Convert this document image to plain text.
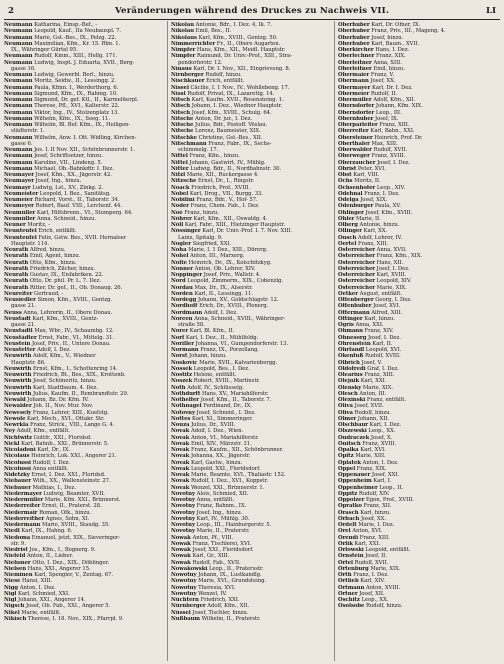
2	Veränderungen während des Druckes zu Nachweis VII.	LI
Neumann Katharina, Einsp.-Bef., -
Neumann Leopold, Kauf., IIa Neubauspl. 7.
Neumann Marie, Gst.-Bes., IX., Pelzg. 22.
Neumann Maximilian, Kfm., Kr. 15. Rlm. 1.
IX., Währinger Gürtel 95.
Neumann Rudolf, Kmm., XIII., Hellg. 171.
Neumann Ludwig, Inspt. J. Eduarta, XVII., Berg-
gasse 16.
Neumann Ludwig, Gewerbl. Berl., hinzu.
Neumann Moritz, Seidw., II., Lessingg. 2.
Neumann Paula, Kfmn. I., Werderthorg. 6.
Neumann Sigmund, Kfm., IX., Rahmg. 10.
Neumann Sigmund, Dr. gef. Ktl., II., Karmeliterpl.
Neumann Therese, Pfl., XVI., Kalterstr. 22.
Neumann Viktor, Ing., IV., Stolzenplatz 13.
Neumann Wilhelm, Kfm., IX., Seeg. 11.
Neumann Wilhelm, Bl. Bef. Kfm., IX., Heiligen-
städterstr. 1.
Neumann Wilhelm, Anw. I. Ott. Widling, Kirchen-
gasse 6.
Neumann Jos. I. II Nov. XII., Schönbrunnerstr. 1.
Neumann Josef, Schriftsetzer, hinzu.
Neumann Karoline, VII., Lindeng. 5.
Neumann Michael, Ob.-Bahnkdtr. I. Dez.
Neumayer Josef, Kfm., XX., Jägerstr. 42.
Neumayer Josef, Ing., hinzu.
Neumayr Ludwig, Lst., XV., Zinkg. 2.
Neumeister Leopold, I. Bez., Sanitätsg.
Neumeier Richard, Vorst., II., Taborstr. 34.
Neumeyer Robert, Bauf. VIII., Lerchenf. 44.
Neumüller Karl, Hilfsbrenn., VI., Stumperg. 64.
Neumüller Anna, Schneid., hinzu.
Neuner Moritz, -
Neunteufel Erich, entfällt.
Neunteufel Felix, Gstw. Bes., XVII. Hernalser
Hauptstr. 114.
Neurath Alfred, hinzu.
Neurath Emil, Agent, hinzu.
Neurath Otto, Kfm., hinzu.
Neurath Friedrich, Zilcher, hinzu.
Neurath Gustav, IX., Eisfabriken. 22.
Neurath Otto, Dr. phil. Pr. L. 7. Dez.
Neurath Ritter, Dr. gef., II., Ob. Donaug. 26.
Neureiter Gertraud, -
Neusiedler Simon, Kfm., XVIII., Gentzg.
gasse 21.
Neuss Anna, Lehrerin, II., Obere Donau.
Neustadt Karl, Kfm., XVIII., Gentz-
gasse 21.
Neustadtl Max, Wbr., IV., Schaumbg. 12.
Neustädter Ernst, Fabr., VI., Mittelg. 31.
Neustein Josef, Priv., II., Untere Donau.
Neustetter Adolf, I. Dez.
Neuwirth Adolf, Kfm., V., Wiedner
Hauptstr. 86.
Neuwirth Ernst, Kfm., I., Schottenring 14.
Neuwirth Friedrich, Bt., Bes., XIX., Krottenb.
Neuwirth Josef, Schöneritz, hinzu.
Neuwirth Karl, Stadtbaum. 4. Dez.
Neuwirth Julius, Kaufm. II., Rembrandtstr. 29.
Newald Johann, Bz. Dr. Kfm. IV.
Newalder Joh. II., Nov. Mur. Nov.
Newesely Franz, Lehrer, XIII., Kuefstg.
Newole Karl, Mech., XVI., Ottakr. Str.
Newrkla Franz, Strick., VIII., Lange G. 4.
Ney Adolf, Kfm., entfällt.
Nichtwitz Gottfr., XXI., Floridsd.
Nickl Karl, Bahnb., XXI., Brünnerstr. 5.
Nicoladoni Karl, Dr., IX.
Nicolaus Heinrich, Lok. XXI., Angerer 21.
Nicolussi Rudolf, I. Dez.
Nicolussi Anna entfällt.
Nidetzky Ernst, I. Dez. XXI., Floridsd.
Niebauer Wilh., XX., Wallensteinstr. 27.
Niebauer Mathias, I., Dez.
Niedermayer Ludwig, Beamter, XVII.
Niedermüller Marie, Kfm. XXI., Brünnerst.
Niederreiter Ernst, II., Praterst. 28.
Niedermair Roman, Ofk., hinzu.
Niederreither Agnes, Sohn, XI.
Niedermann Marie, XVIII., Staudg. 35.
Niedl Karl, IX., Hahng. 6.
Niedoma Emanuel, jetzt, XIX., Sieveringer-
str. 9.
Niedrist Jos., Kfm., I., Bognerg. 9.
Niefeld Anton, II., Lieber.
Niehsner Otto, I. Dez., XIX., Döblinger.
Nielsen Hans, XXI., Angerer 15.
Nieminen Karl, Spengler, V., Zentag. 67.
Niese Hansi, XIII.
Nigg Anton, I. Dez.
Nigl Karl, Schmied, XXI.
Nigl Johann, XXI., Angerer 14.
Nigsch Josef, Ob. Fab., XXI., Angerer 5.
Nikel Marie, entfällt.
Nikisch Therese, I. 18. Nov., XIX., Pfarrpl. 9.
Nikolau Antonie, Bdr., I. Dez. 4, Ik. 7.
Nikolau Emil, Bes., II.
Nikolaus Karl, Kfm., XVIII., Gentzg. 50.
Nimmerrichter Fr., II., Obere Augarten.
Nimpfer Hans, Kfm., XII., Meidl. Hauptstr.
Nimpfer Raimund, Dr. Univ.-Prof., XIII., Stra-
pendorferstr. 12.
Ninaus Karl, Dr. I. Nov., XII., Eingrieveng. 8.
Nirnberger Rudolf, hinzu.
Nischkauer Erich, entfällt.
Nissel Cäcilie, I. 1 Nov., IV., Wohllebeng. 17.
Nissl Rudolf, Privat, IX., Lazarettg. 14.
Nitsch Karl, Kaufm. XVII., Rosensteing. 1.
Nitsch Johann, I. Dez., Wiedner Hauptstr.
Nitsch Josef, Kfm., XVIII., Schulg. 64.
Nitsche Anton, Dr. jur., I. Dez.
Nitsche Julius, Bdr., Postoff. Vöslau.
Nitsche Lorenz, Baumeister, XIX.
Nitschke Christine, Gst.-Bes., XII.
Nitschmann Franz, Fabr., IX., Sechs-
schimmelg. 17.
Nittel Franz, Kfm., hinzu.
Nittel Johann, Gastwirt, IV., Mühlg.
Nitter Ludwig, Bdr., II., Nordbahnstr. 30.
Nitzl Marie, XII., Ruckergasse 4.
Nitzsche Ernst, Dr., I., Ringstr.
Noack Friedrich, Prof., XVIII.
Nobel Karl, Drog., VII., Burgg. 33.
Nobilini Franz, Bdr., V., Hof- 57.
Noder Franz, Chem. Fab., I. Dez.
Noé Franz, hinzu.
Nöhrer Karl, Kfm., XII., Oswaldg. 4.
Nöll Karl, Fabr., XIII., Hietzinger Hauptstr.
Nössinger Karl, Dr. Univ.-Prof. I. 7. Nov. XIII.
Lainz, Spitalg. 9.
Nogler Siegfried, XXI.
Noha Marie, I. 1 Dez., XIII., Dürerg.
Nohel Anton, III., Marxerg.
Nolte Heinrich, Dr., IX., Kolschitzkyg.
Nonner Anton, Ob. Lehrer, XIV.
Noppinger Josef, Priv., Wallstr. 4.
Nord Leopold, Zimmerm., XIX., Cobenzlg.
Nordau Max, Dr., IX., Alserstr.
Norden Karl, II., Lessingg. 11.
Nordegg Johann, XV., Goldschlagstr. 12.
Nordhoff Erich, Dr., XVIII., Plenerg.
Nordmann Adolf, I. Dez.
Noreen Anna, Schneid., XVIII., Währinger-
straße 58.
Norer Karl, Bl. Kfm., II.
Norf Karl, I. Dez., II., Mühlfeldg.
Noriller Johanna, VI., Gumpendorferstr. 13.
Normann Franz, IX., Porzellang.
Norst Johann, hinzu.
Noskovic Marie, XVII., Kalvarienbergg.
Nossek Leopold, Bes., I. Dez.
Nostitz Helene, entfällt.
Noszek Robert, XVIII., Martinstr.
Noth Adolf, IV., Schlüsselg.
Nothdurft Hans, XV., Mariahilferstr.
Nothelfer Josef, Kfm., II., Taborstr. 7.
Nothnagel Ferdinand, Dr., IX.
Notovny Josef, Schneid., I. Dez.
Nottes Karl, XI., Simmeringer.
Nouza Julius, Dr., XVIII.
Novak Adolf, I. Dez., Wien.
Novak Anton, VI., Mariahilferstr.
Novak Emil, XIV., Märzstr. 31.
Novak Franz, Kaufm., XII., Schönbrunner.
Novak Johanna, XX., Jägerstr.
Novak Karl, Gastw., hinzu.
Novak Leopold, XXI., Floridsdorf.
Novak Marie, Beamte, XVI., Thaliastr. 152.
Novak Rudolf, I. Dez., XVI., Koppstr.
Novak Wenzel, XXI., Brünnerstr. 1.
Novotny Alois, Schmied, XII.
Novotny Anna, entfällt.
Novotny Franz, Bahnm., IX.
Novotny Josef, Ing., hinzu.
Novotny Karl, IV., Mühlg. 30.
Novotny Leop., III., Hainburgerstr. 5.
Novotny Marie, II., Praterstr.
Nowak Anton, Pf., VIII.
Nowak Franz, Tischlerei, XVI.
Nowak Josef, XXI., Floridsdorf.
Nowak Karl, Gr., XIII.
Nowak Rudolf, Fab., XVII.
Nowakowski Leop., II., Pratersstr.
Nowotny Johann, IX., Lustkandlg.
Nowotny Marie, XVI., Grundsteing.
Nowotny Theresia, XVI.
Nowotny Wenzel, IV.
Nüchtern Friedrich, XXI.
Nürnberger Adolf, Kfm., XII.
Nüssel Josef, Tischler, hinzu.
Nußbaum Wilhelm, II., Praterstr.
Oberhuber Karl, Dr. Ofner, IX.
Oberhuber Franz, Priv., III., Mageng. 4.
Oberhuber Josef, hinzu.
Oberhuber Karl, Baum., XVII.
Oberkircher Hans, I. Dez.
Oberlechner Franz, XIX.
Oberleitner Anna, XIII.
Oberleitner Emil, hinzu.
Obermaier Franz, V.
Obermann Josef, XX.
Obermayer Karl, Dr. I. Dez.
Obermeier Rudolf, II.
Obermüller Adolf, Kfm., XII.
Oberndorfer Johann, Kfm. XIX.
Oberndorfer Leop., III.
Obernhuber Josef, IX.
Oberparleiter Franz, XIII.
Oberreiter Karl, Bahn., XXI.
Obersteiner Heinrich, Prof. Dr.
Oberthaler Max, XIII.
Oberwalder Rudolf, XVII.
Oberweger Franz, XVIII.
Oberzaucher Josef, I. Dez.
Obrist Peter, XVI.
Obst Karl, VIII.
Ochs Moritz, II.
Ochsenhofer Leop., XIV.
Odehnal Franz, I. Dez.
Odelga Josef, XIX.
Ödenburger Paula, XV.
Öhlinger Josef, Kfm., XVIII.
Öhler Marie, II.
Ölberg Antonie, hinzu.
Öllinger Karl, XX.
Önsch Adolf, Lehrer, IV.
Oertel Franz, XIII.
Österreicher Anna, XVII.
Österreicher Franz, Kfm., XIX.
Österreicher Hans, XII.
Österreicher Josef, I. Dez.
Österreicher Karl, XVIII.
Österreicher Leopold, XIV.
Österreicher Marie, XIX.
Oetker August, entfällt.
Offenberger Georg, I. Dez.
Offenhuber Josef, XVI.
Offermann Alfred, XIII.
Oftinger Karl, hinzu.
Ogris Anna, XXI.
Ohmann Franz, XIV.
Ohnesorg Josef, I. Dez.
Ohrenstein Karl, II.
Ohrfandl Leopold, XVI.
Okenfuß Rudolf, XVIII.
Olbrich Josef, V.
Oldofredi Graf, I. Dez.
Olearius Franz, XIII.
Olejnik Karl, XXI.
Olensky Marie, XIX.
Olesch Anton, III.
Olexinski Franz, entfällt.
Oliva Josef, XVII.
Oliva Rudolf, hinzu.
Olmer Johann, XII.
Olschbaur Karl, I. Dez.
Olszewski Leop., XX.
Ondraczek Josef, X.
Onitsch Franz, XVIII.
Opalka Karl, XVI.
Opitz Marie, XIII.
Oplatek Anton, I. Dez.
Oppel Franz, XIX.
Oppenauer Josef, XXI.
Oppenheim Karl, I.
Oppenheimer Leop., II.
Oppitz Rudolf, XIV.
Oppolzer Egon, Prof., XVIII.
Opratko Franz, XII.
Orasch Karl, hinzu.
Orbach Josef, XX.
Ordelt Marie, I. Dez.
Orel Anton, XVI.
Orendi Franz, XIII.
Orlik Karl, XXI.
Orlowski Leopold, entfällt.
Ornstein Josef, II.
Ortel Rudolf, XVII.
Ortenburg Marie, XIX.
Orth Franz, I. Dez.
Ortlieb Karl, XIV.
Ortmann Anton, XVIII.
Ortner Josef, XII.
Oschitz Leop., XX.
Osolsobe Rudolf, hinzu.
